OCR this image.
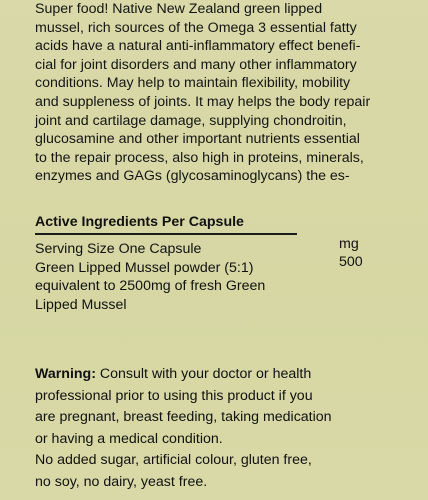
Super food! Native New Zealand green lipped
mussel, rich sources of the Omega 3 essential fatty
acids have a natural anti-inflammatory effect benefi-
cial for joint disorders and many other inflammatory
conditions. May help to maintain flexibility, mobility
and suppleness of joints. It may helps the body repair
joint and cartilage damage, supplying chondroitin,
glucosamine and other important nutrients essential
to the repair process, also high in proteins, minerals,
enzymes and GAGs (glycosaminoglycans) the es-
Active Ingredients Per Capsule
Serving Size One Capsule
Green Lipped Mussel powder (5:1)
equivalent to 2500mg of fresh Green
Lipped Mussel
mg
500
Warning: Consult with your doctor or health
professional prior to using this product if you
are pregnant, breast feeding, taking medication
or having a medical condition.
No added sugar, artificial colour, gluten free,
no soy, no dairy, yeast free.
